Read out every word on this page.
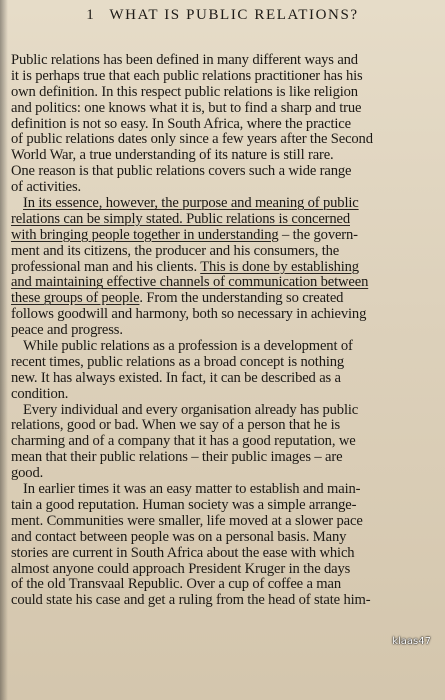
1 WHAT IS PUBLIC RELATIONS?
Public relations has been defined in many different ways and
it is perhaps true that each public relations practitioner has his
own definition. In this respect public relations is like religion
and politics: one knows what it is, but to find a sharp and true
definition is not so easy. In South Africa, where the practice
of public relations dates only since a few years after the Second
World War, a true understanding of its nature is still rare.
One reason is that public relations covers such a wide range
of activities.
In its essence, however, the purpose and meaning of public
relations can be simply stated. Public relations is concerned
with bringing people together in understanding – the govern-
ment and its citizens, the producer and his consumers, the
professional man and his clients. This is done by establishing
and maintaining effective channels of communication between
these groups of people. From the understanding so created
follows goodwill and harmony, both so necessary in achieving
peace and progress.
While public relations as a profession is a development of
recent times, public relations as a broad concept is nothing
new. It has always existed. In fact, it can be described as a
condition.
Every individual and every organisation already has public
relations, good or bad. When we say of a person that he is
charming and of a company that it has a good reputation, we
mean that their public relations – their public images – are
good.
In earlier times it was an easy matter to establish and main-
tain a good reputation. Human society was a simple arrange-
ment. Communities were smaller, life moved at a slower pace
and contact between people was on a personal basis. Many
stories are current in South Africa about the ease with which
almost anyone could approach President Kruger in the days
of the old Transvaal Republic. Over a cup of coffee a man
could state his case and get a ruling from the head of state him-
klaas47
